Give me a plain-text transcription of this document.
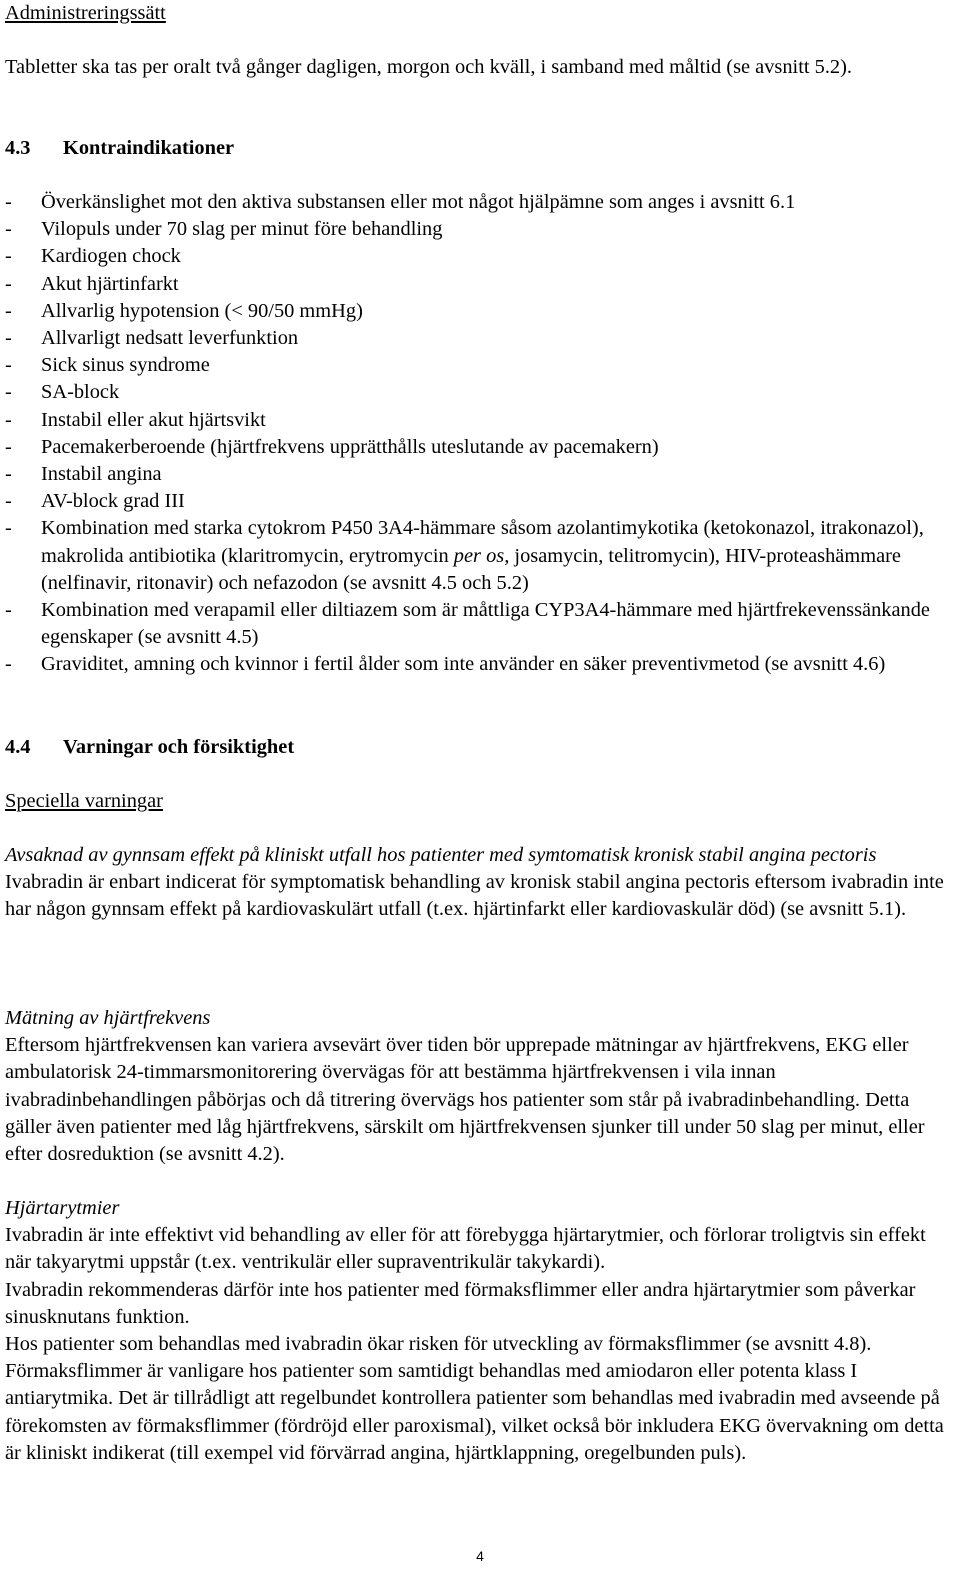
Administreringssätt

Tabletter ska tas per oralt två gånger dagligen, morgon och kväll, i samband med måltid (se avsnitt 5.2).

4.3 Kontraindikationer

- Överkänslighet mot den aktiva substansen eller mot något hjälpämne som anges i avsnitt 6.1
- Vilopuls under 70 slag per minut före behandling
- Kardiogen chock
- Akut hjärtinfarkt
- Allvarlig hypotension (< 90/50 mmHg)
- Allvarligt nedsatt leverfunktion
- Sick sinus syndrome
- SA-block
- Instabil eller akut hjärtsvikt
- Pacemakerberoende (hjärtfrekvens upprätthålls uteslutande av pacemakern)
- Instabil angina
- AV-block grad III
- Kombination med starka cytokrom P450 3A4-hämmare såsom azolantimykotika (ketokonazol, itrakonazol), makrolida antibiotika (klaritromycin, erytromycin per os, josamycin, telitromycin), HIV-proteashämmare (nelfinavir, ritonavir) och nefazodon (se avsnitt 4.5 och 5.2)
- Kombination med verapamil eller diltiazem som är måttliga CYP3A4-hämmare med hjärtfrekevenssänkande egenskaper (se avsnitt 4.5)
- Graviditet, amning och kvinnor i fertil ålder som inte använder en säker preventivmetod (se avsnitt 4.6)

4.4 Varningar och försiktighet

Speciella varningar

Avsaknad av gynnsam effekt på kliniskt utfall hos patienter med symtomatisk kronisk stabil angina pectoris

Ivabradin är enbart indicerat för symptomatisk behandling av kronisk stabil angina pectoris eftersom ivabradin inte har någon gynnsam effekt på kardiovaskulärt utfall (t.ex. hjärtinfarkt eller kardiovaskulär död) (se avsnitt 5.1).

Mätning av hjärtfrekvens

Eftersom hjärtfrekvensen kan variera avsevärt över tiden bör upprepade mätningar av hjärtfrekvens, EKG eller ambulatorisk 24-timmarsmonitorering övervägas för att bestämma hjärtfrekvensen i vila innan ivabradinbehandlingen påbörjas och då titrering övervägs hos patienter som står på ivabradinbehandling. Detta gäller även patienter med låg hjärtfrekvens, särskilt om hjärtfrekvensen sjunker till under 50 slag per minut, eller efter dosreduktion (se avsnitt 4.2).

Hjärtarytmier

Ivabradin är inte effektivt vid behandling av eller för att förebygga hjärtarytmier, och förlorar troligtvis sin effekt när takyarytmi uppstår (t.ex. ventrikulär eller supraventrikulär takykardi).

Ivabradin rekommenderas därför inte hos patienter med förmaksflimmer eller andra hjärtarytmier som påverkar sinusknutans funktion.

Hos patienter som behandlas med ivabradin ökar risken för utveckling av förmaksflimmer (se avsnitt 4.8). Förmaksflimmer är vanligare hos patienter som samtidigt behandlas med amiodaron eller potenta klass I antiarytmika. Det är tillrådligt att regelbundet kontrollera patienter som behandlas med ivabradin med avseende på förekomsten av förmaksflimmer (fördröjd eller paroxismal), vilket också bör inkludera EKG övervakning om detta är kliniskt indikerat (till exempel vid förvärrad angina, hjärtklappning, oregelbunden puls).

4
